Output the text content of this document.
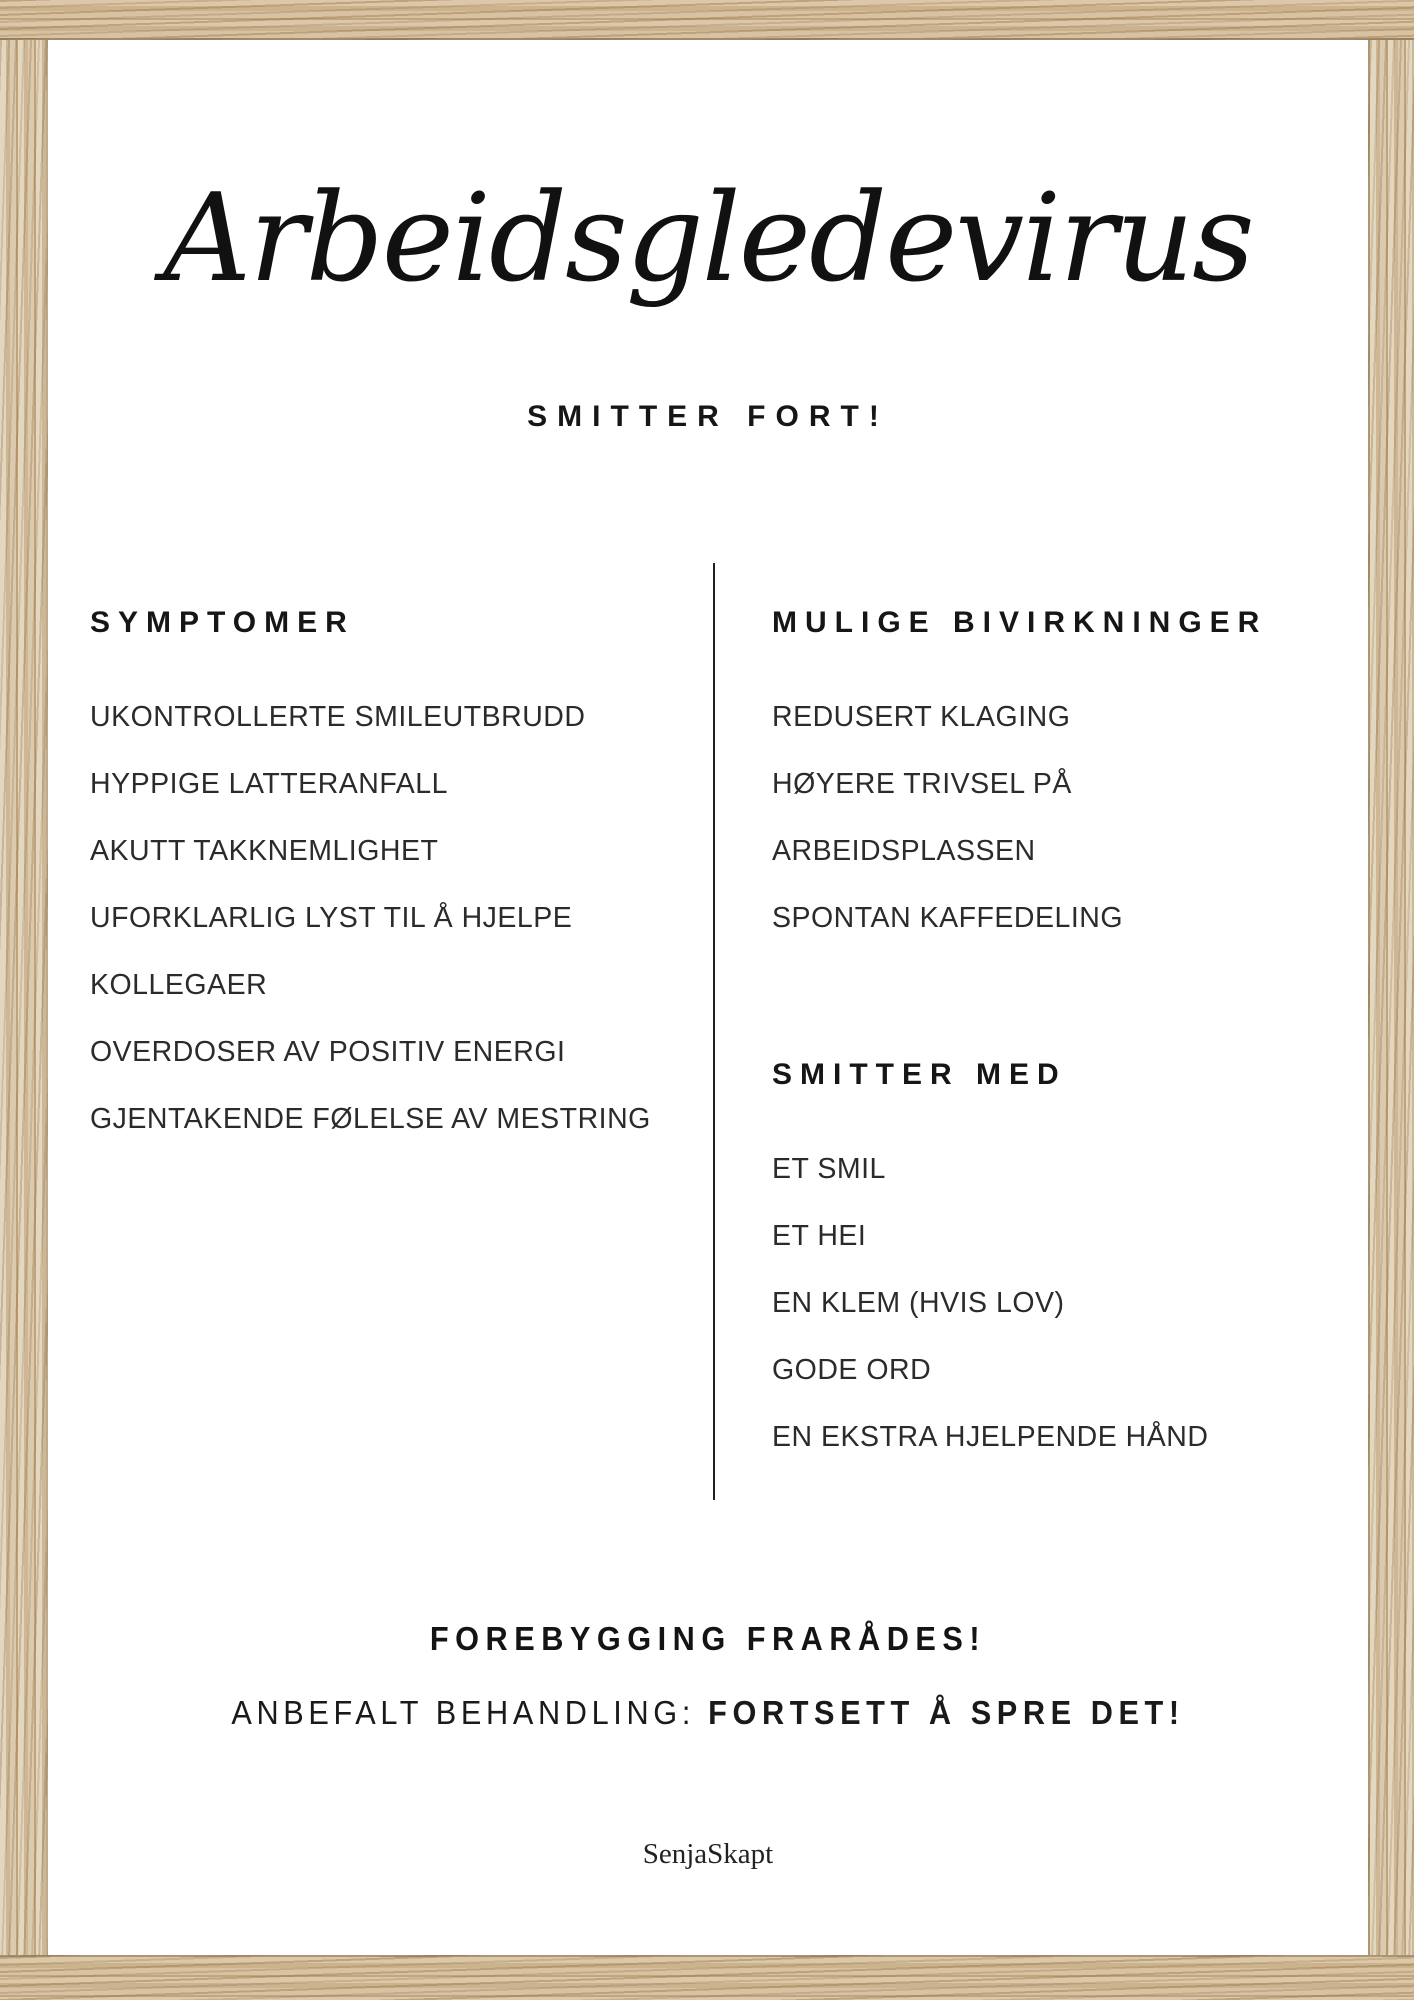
Arbeidsgledevirus
SMITTER FORT!
SYMPTOMER
UKONTROLLERTE SMILEUTBRUDD
HYPPIGE LATTERANFALL
AKUTT TAKKNEMLIGHET
UFORKLARLIG LYST TIL Å HJELPE
KOLLEGAER
OVERDOSER AV POSITIV ENERGI
GJENTAKENDE FØLELSE AV MESTRING
MULIGE BIVIRKNINGER
REDUSERT KLAGING
HØYERE TRIVSEL PÅ
ARBEIDSPLASSEN
SPONTAN KAFFEDELING
SMITTER MED
ET SMIL
ET HEI
EN KLEM (HVIS LOV)
GODE ORD
EN EKSTRA HJELPENDE HÅND
FOREBYGGING FRARÅDES!
ANBEFALT BEHANDLING: FORTSETT Å SPRE DET!
SenjaSkapt
